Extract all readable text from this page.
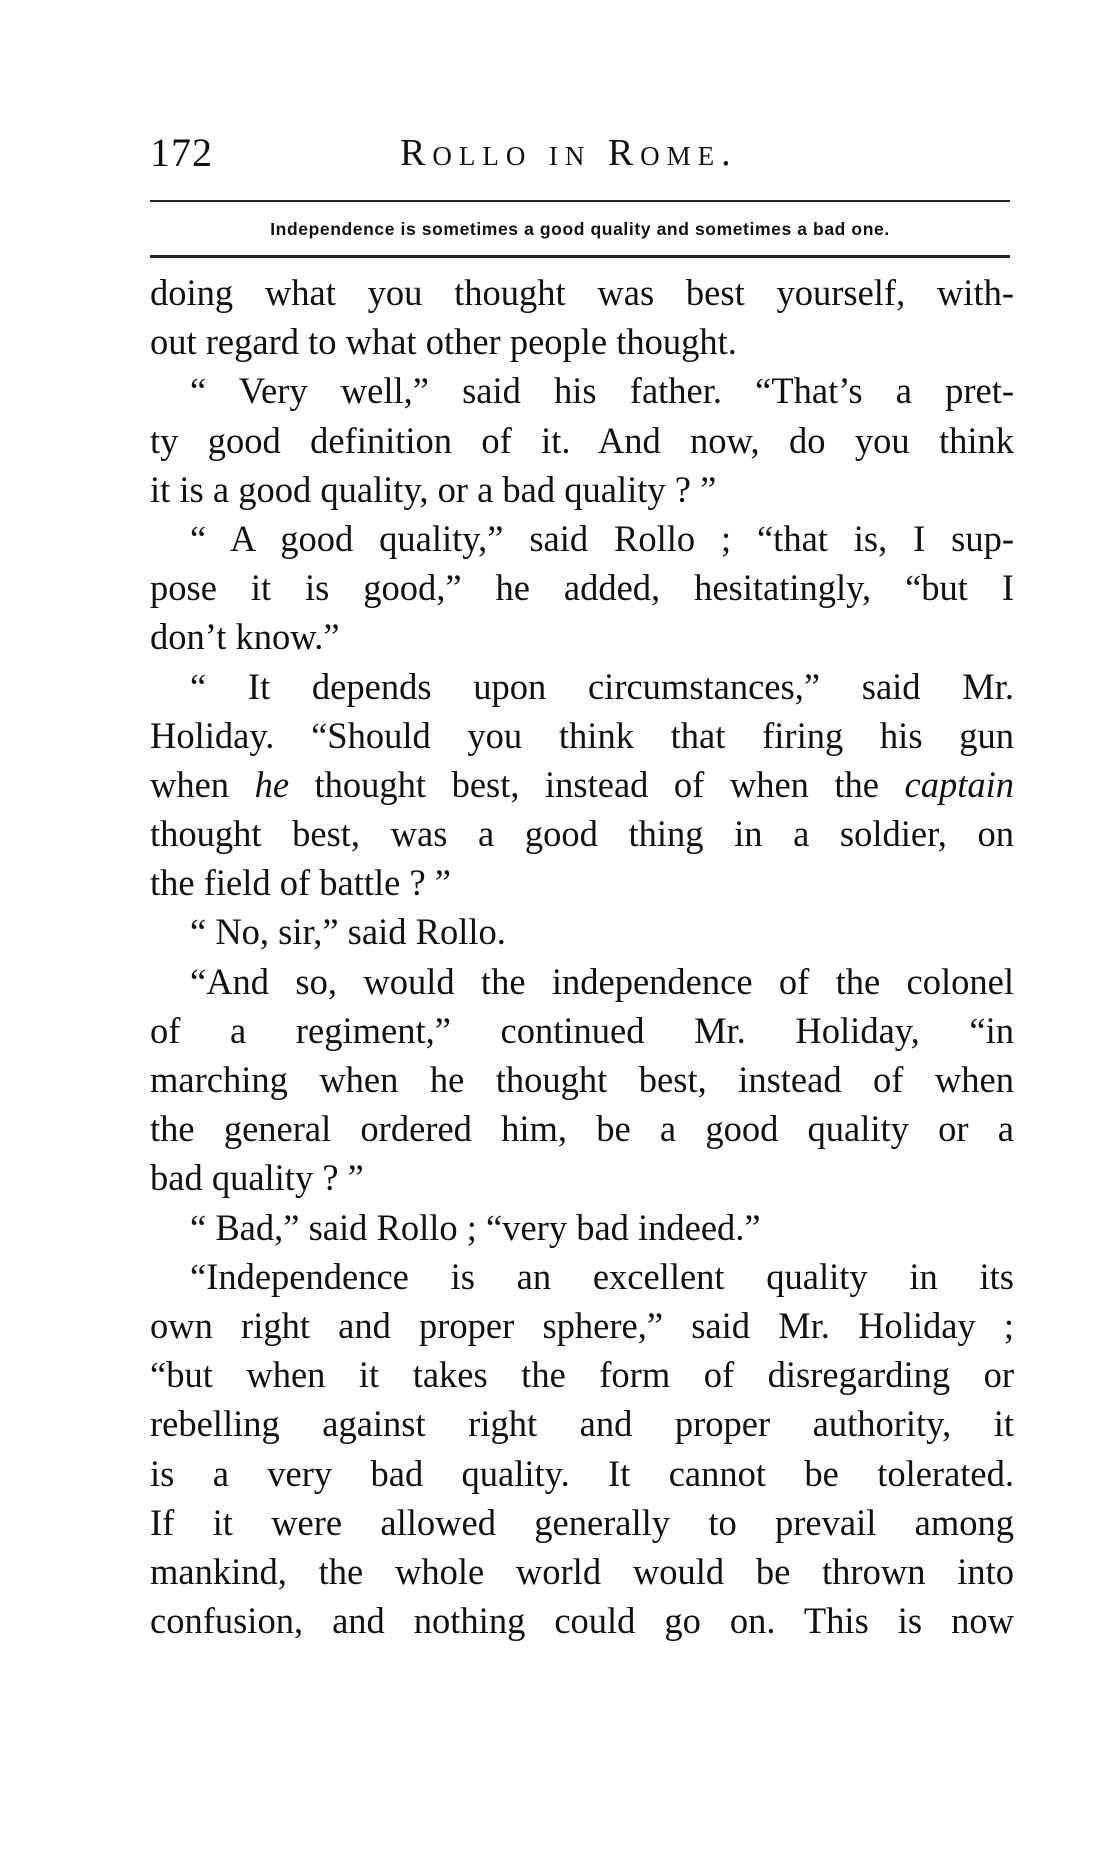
172	Rollo in Rome.
Independence is sometimes a good quality and sometimes a bad one.
doing what you thought was best yourself, with-
out regard to what other people thought.
“ Very well,” said his father. “That’s a pret-
ty good definition of it. And now, do you think
it is a good quality, or a bad quality ? ”
“ A good quality,” said Rollo ; “that is, I sup-
pose it is good,” he added, hesitatingly, “but I
don’t know.”
“ It depends upon circumstances,” said Mr.
Holiday. “Should you think that firing his gun
when he thought best, instead of when the captain
thought best, was a good thing in a soldier, on
the field of battle ? ”
“ No, sir,” said Rollo.
“And so, would the independence of the colonel
of a regiment,” continued Mr. Holiday, “in
marching when he thought best, instead of when
the general ordered him, be a good quality or a
bad quality ? ”
“ Bad,” said Rollo ; “very bad indeed.”
“Independence is an excellent quality in its
own right and proper sphere,” said Mr. Holiday ;
“but when it takes the form of disregarding or
rebelling against right and proper authority, it
is a very bad quality. It cannot be tolerated.
If it were allowed generally to prevail among
mankind, the whole world would be thrown into
confusion, and nothing could go on. This is now
